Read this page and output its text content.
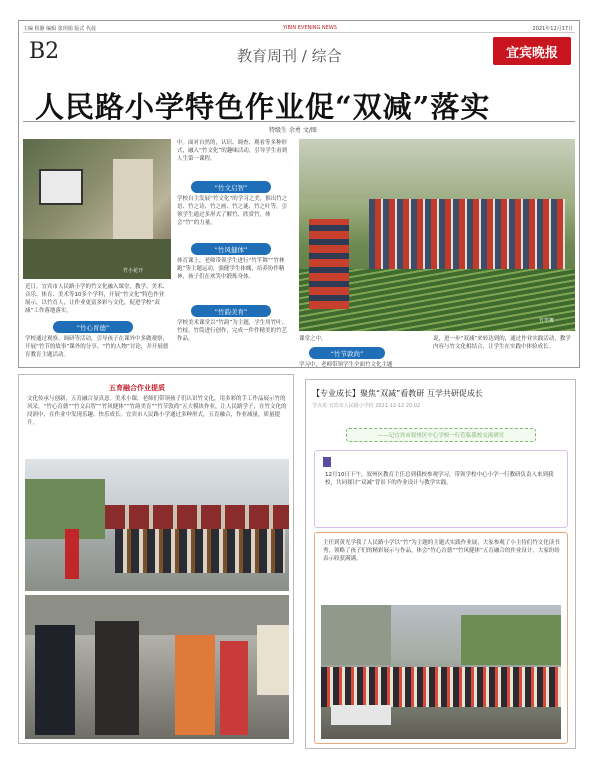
主编 程静 编辑 张玥娟 版式 代晨	YIBIN EVENING NEWS	2021年12月17日
B2	教育周刊 / 综合	宜宾晚报
人民路小学特色作业促“双减”落实
特级生 余勇 文/图
竹小花开
近日，宜宾市人民路小学的竹文化融入课堂，教学、美术、音乐、体育、美术等10多个学科，开展“竹文化”特色作业展示，以竹育人，让作业更富多彩与文化，促进学校“双减”工作落地落实。
“竹心育德”
学校通过观察、调研等活动，引导孩子在课外中多做观察，开展“竹节的故事”课外的分享、“竹的人物”讨论，并开展德育教育主题活动。
中。面对自然的，认识、调查、观看等多种形式，融入“竹文化”的趣味活动，引导学生看到人生第一课程。
“竹文启智”
学校自主发展“竹文化”的学习之美，推出竹之语、竹之诗、竹之画、竹之谜、竹之叶等，引领学生通过多形式了解竹、欣赏竹，体会“竹”的力量。
“竹风健体”
体育课上，老师带领学生进行“竹竿舞”“竹林跑”等主题运动，强健学生体魄，培养协作精神，孩子们在欢笑中锻炼身体。
“竹韵美育”
学校美术课堂以“竹韵”为主题，学生用竹叶、竹枝、竹筒进行创作，完成一件件精美的竹艺作品。
竹竿舞
课堂之中。
“竹节敦尚”
学习中，老师带领学生全面竹文化主题
说，进一步“双减”来转达到的，通过作业实践活动，教学内容与竹文化相结合，让学生在实践中体验成长。
五育融合作业提质
文化传承与创新，五育融合显真意。美术小课，老师们带领孩子们认识竹文化，用多彩的手工作品展示竹的风采，“竹心育德”“竹文启智”“竹风健体”“竹韵美育”“竹节敦尚”五大模块作业，让人民路学子，在竹文化的浸润中，在作业中发现乐趣、快乐成长。宜宾市人民路小学通过多种形式，五育融合，作业减量，质量提升。
【专业成长】聚焦“双减”看教研 互学共研促成长
节点说 宜宾市人民路小学校 2021-12-12 20:02
——记宜宾市叙州区中心学校一行莅临我校交流研讨
12月10日下午，叙州区教育主任总到我校参观学习，带领学校中心小学一行教研负责人来到我校，共同探讨“双减”背景下的作业设计与教学实践。
主任到黄光学我了人民路小学以“竹”为主题的主题式实践作业展，大家参观了小主持们竹文化读书秀，领略了孩子们的精彩展示与作品，体会“竹心育德”“竹风健体”五育融合的作业设计，大家纷纷表示收获满满。
